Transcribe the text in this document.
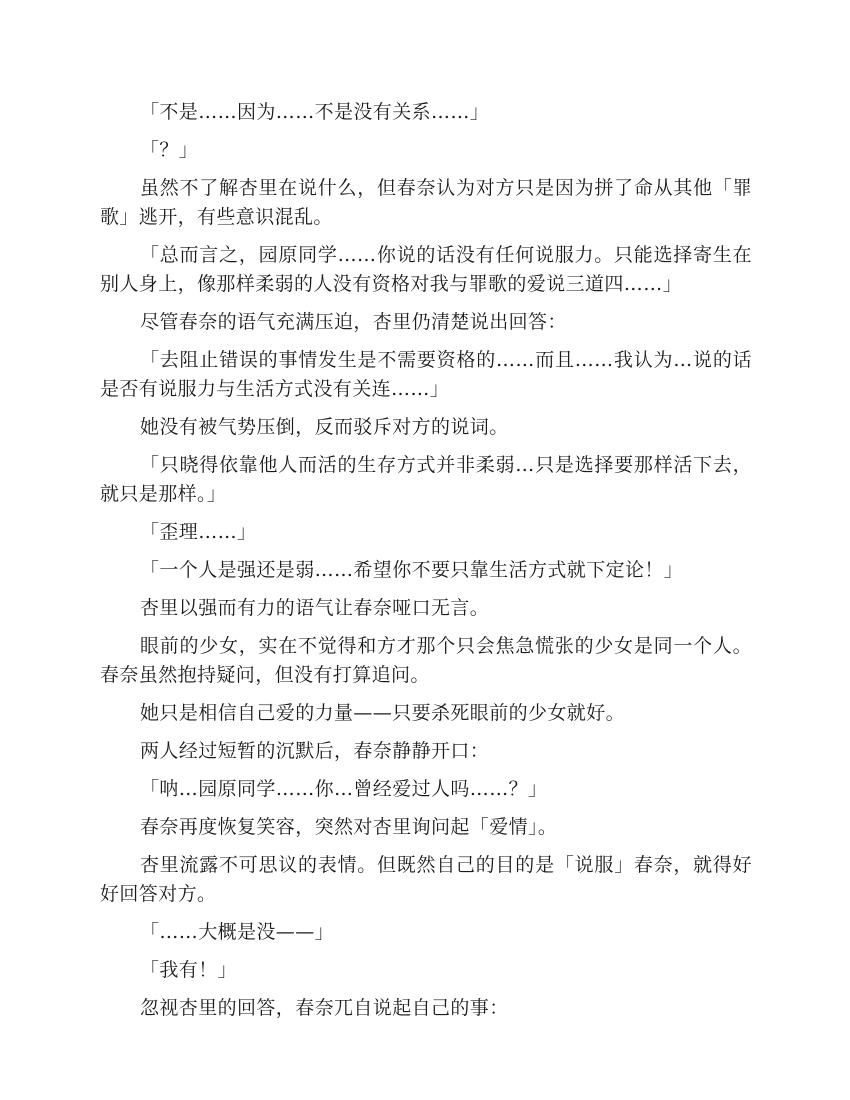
「不是……因为……不是没有关系……」

「？」

虽然不了解杏里在说什么，但春奈认为对方只是因为拼了命从其他「罪歌」逃开，有些意识混乱。

「总而言之，园原同学……你说的话没有任何说服力。只能选择寄生在别人身上，像那样柔弱的人没有资格对我与罪歌的爱说三道四……」

尽管春奈的语气充满压迫，杏里仍清楚说出回答：

「去阻止错误的事情发生是不需要资格的……而且……我认为…说的话是否有说服力与生活方式没有关连……」

她没有被气势压倒，反而驳斥对方的说词。

「只晓得依靠他人而活的生存方式并非柔弱…只是选择要那样活下去，就只是那样。」

「歪理……」

「一个人是强还是弱……希望你不要只靠生活方式就下定论！」

杏里以强而有力的语气让春奈哑口无言。

眼前的少女，实在不觉得和方才那个只会焦急慌张的少女是同一个人。春奈虽然抱持疑问，但没有打算追问。

她只是相信自己爱的力量——只要杀死眼前的少女就好。

两人经过短暂的沉默后，春奈静静开口：

「呐…园原同学……你…曾经爱过人吗……？」

春奈再度恢复笑容，突然对杏里询问起「爱情」。

杏里流露不可思议的表情。但既然自己的目的是「说服」春奈，就得好好回答对方。

「……大概是没——」

「我有！」

忽视杏里的回答，春奈兀自说起自己的事：
